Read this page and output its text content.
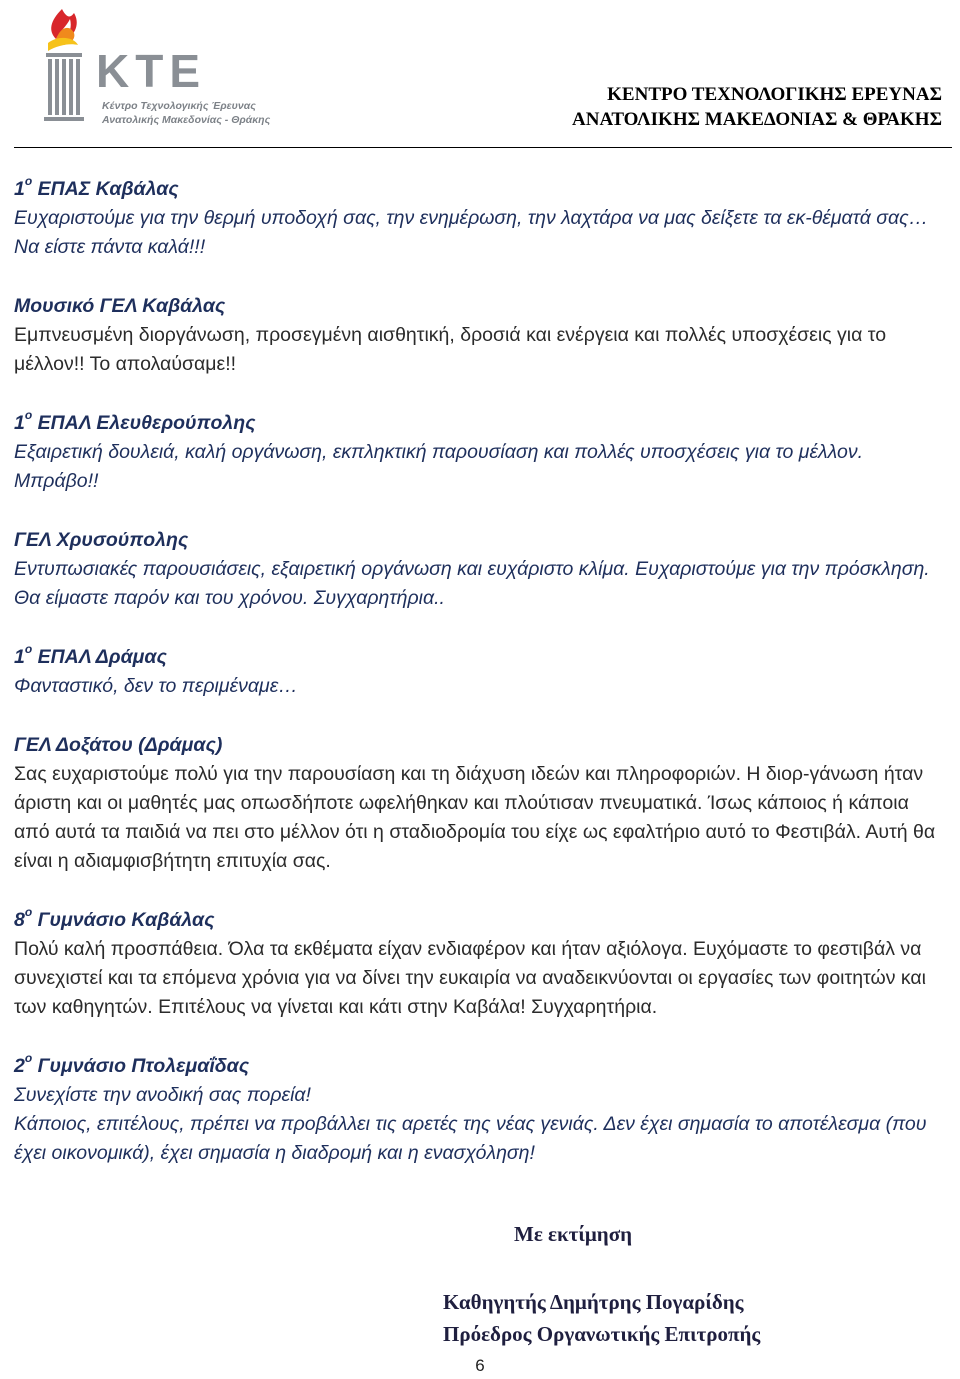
ΚΤΕ
Κέντρο Τεχνολογικής Έρευνας
Ανατολικής Μακεδονίας - Θράκης
ΚΕΝΤΡΟ ΤΕΧΝΟΛΟΓΙΚΗΣ ΕΡΕΥΝΑΣ
ΑΝΑΤΟΛΙΚΗΣ ΜΑΚΕΔΟΝΙΑΣ & ΘΡΑΚΗΣ
$1^o$ ΕΠΑΣ Καβάλας

Ευχαριστούμε για την θερμή υποδοχή σας, την ενημέρωση, την λαχτάρα να μας δείξετε τα εκ-θέματά σας… Να είστε πάντα καλά!!!

Μουσικό ΓΕΛ Καβάλας

Εμπνευσμένη διοργάνωση, προσεγμένη αισθητική, δροσιά και ενέργεια και πολλές υποσχέσεις για το μέλλον!! Το απολαύσαμε!!

$1^o$ ΕΠΑΛ Ελευθερούπολης

Εξαιρετική δουλειά, καλή οργάνωση, εκπληκτική παρουσίαση και πολλές υποσχέσεις για το μέλλον. Μπράβο!!

ΓΕΛ Χρυσούπολης

Εντυπωσιακές παρουσιάσεις, εξαιρετική οργάνωση και ευχάριστο κλίμα. Ευχαριστούμε για την πρόσκληση. Θα είμαστε παρόν και του χρόνου. Συγχαρητήρια..

$1^o$ ΕΠΑΛ Δράμας

Φανταστικό, δεν το περιμέναμε…

ΓΕΛ Δοξάτου (Δράμας)

Σας ευχαριστούμε πολύ για την παρουσίαση και τη διάχυση ιδεών και πληροφοριών. Η διορ-γάνωση ήταν άριστη και οι μαθητές μας οπωσδήποτε ωφελήθηκαν και πλούτισαν πνευματικά. Ίσως κάποιος ή κάποια από αυτά τα παιδιά να πει στο μέλλον ότι η σταδιοδρομία του είχε ως εφαλτήριο αυτό το Φεστιβάλ. Αυτή θα είναι η αδιαμφισβήτητη επιτυχία σας.

$8^o$ Γυμνάσιο Καβάλας

Πολύ καλή προσπάθεια. Όλα τα εκθέματα είχαν ενδιαφέρον και ήταν αξιόλογα. Ευχόμαστε το φεστιβάλ να συνεχιστεί και τα επόμενα χρόνια για να δίνει την ευκαιρία να αναδεικνύονται οι εργασίες των φοιτητών και των καθηγητών. Επιτέλους να γίνεται και κάτι στην Καβάλα! Συγχαρητήρια.

$2^o$ Γυμνάσιο Πτολεμαΐδας

Συνεχίστε την ανοδική σας πορεία!

Κάποιος, επιτέλους, πρέπει να προβάλλει τις αρετές της νέας γενιάς. Δεν έχει σημασία το αποτέλεσμα (που έχει οικονομικά), έχει σημασία η διαδρομή και η ενασχόληση!

Με εκτίμηση
Καθηγητής Δημήτρης Πογαρίδης
Πρόεδρος Οργανωτικής Επιτροπής
6
